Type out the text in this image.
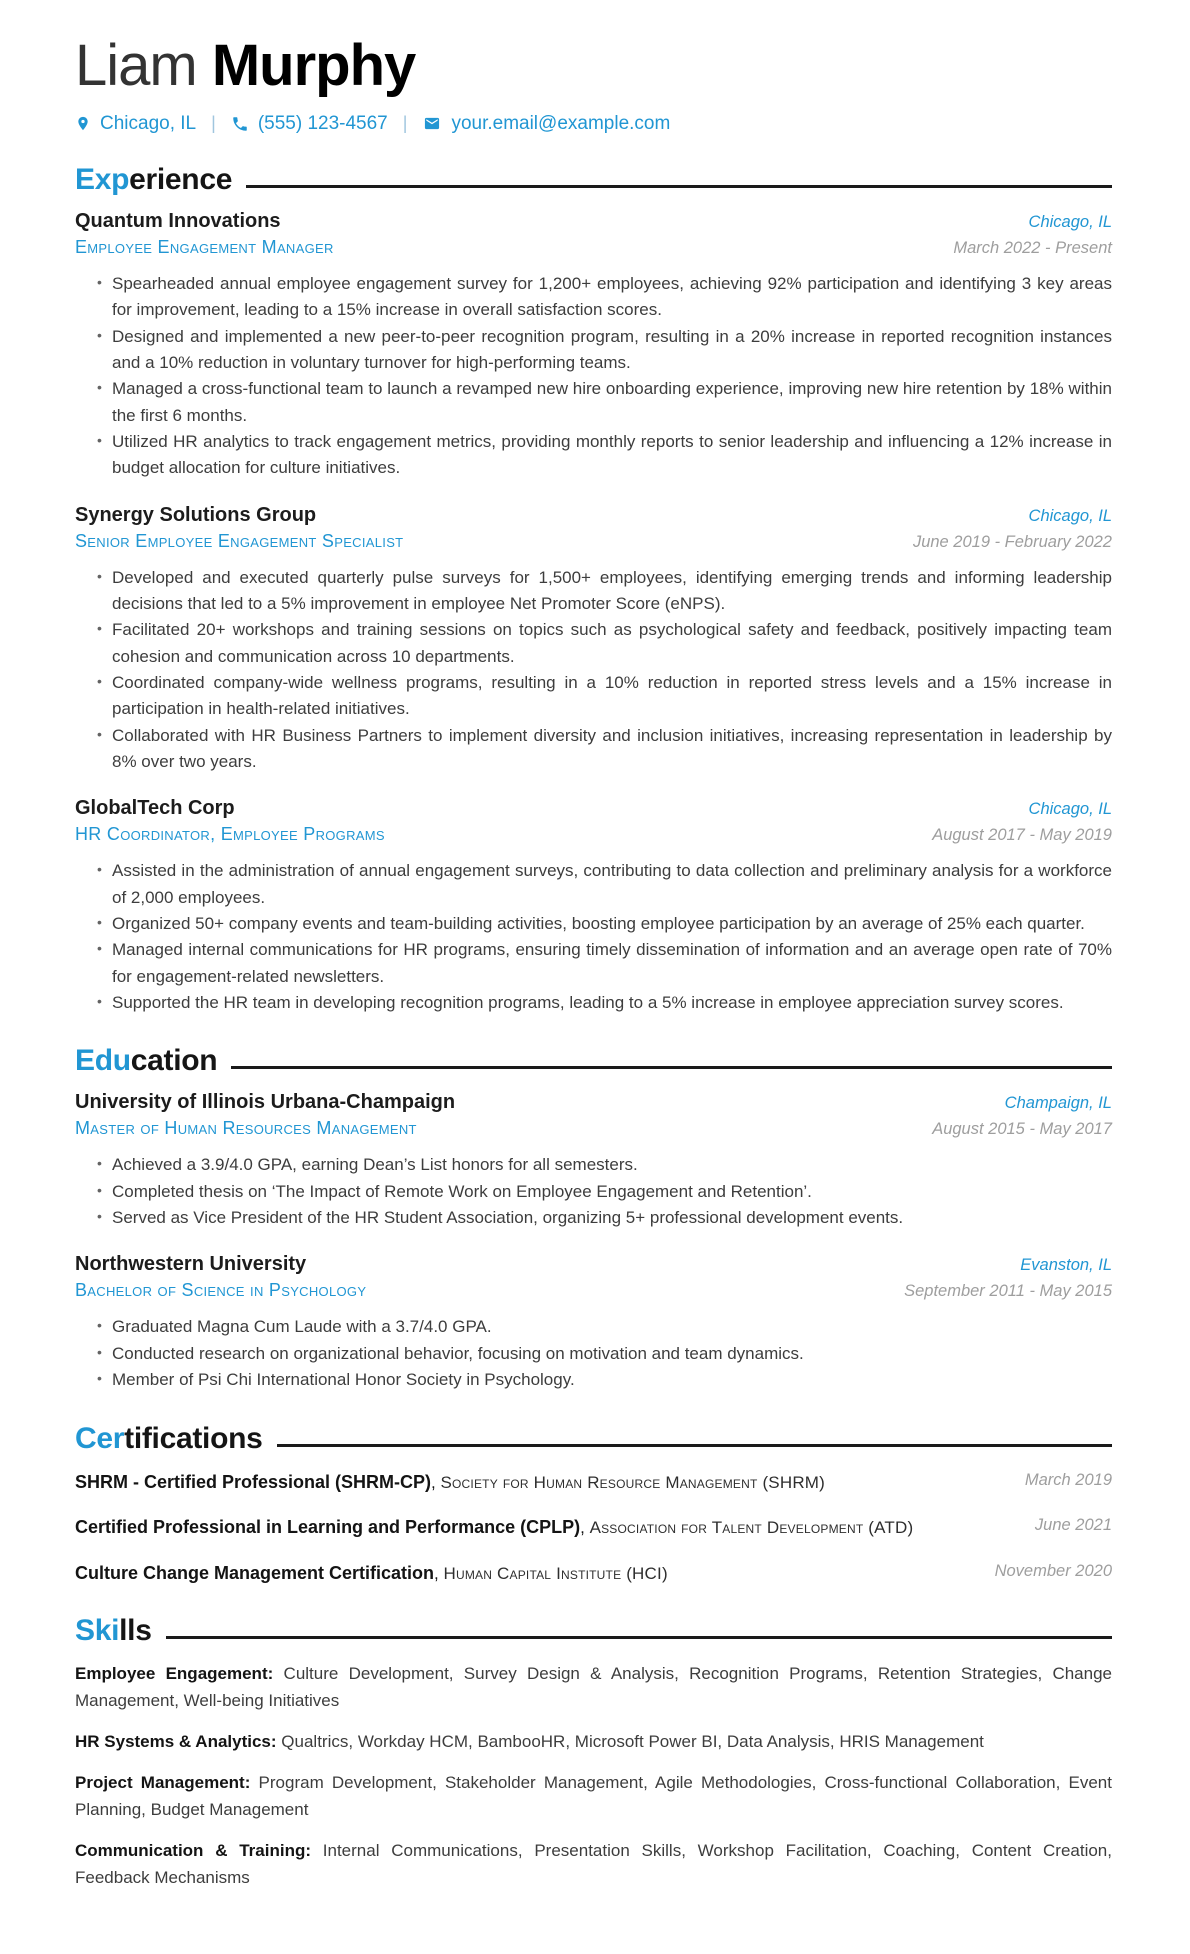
Liam Murphy
Chicago, IL | (555) 123-4567 | your.email@example.com
Exp erience
Quantum Innovations	Chicago, IL
Employee Engagement Manager	March 2022 - Present
• Spearheaded annual employee engagement survey for 1,200+ employees, achieving 92% participation and identifying 3 key areas for improvement, leading to a 15% increase in overall satisfaction scores.
• Designed and implemented a new peer-to-peer recognition program, resulting in a 20% increase in reported recognition instances and a 10% reduction in voluntary turnover for high-performing teams.
• Managed a cross-functional team to launch a revamped new hire onboarding experience, improving new hire retention by 18% within the first 6 months.
• Utilized HR analytics to track engagement metrics, providing monthly reports to senior leadership and influencing a 12% increase in budget allocation for culture initiatives.
Synergy Solutions Group	Chicago, IL
Senior Employee Engagement Specialist	June 2019 - February 2022
• Developed and executed quarterly pulse surveys for 1,500+ employees, identifying emerging trends and informing leadership decisions that led to a 5% improvement in employee Net Promoter Score (eNPS).
• Facilitated 20+ workshops and training sessions on topics such as psychological safety and feedback, positively impacting team cohesion and communication across 10 departments.
• Coordinated company-wide wellness programs, resulting in a 10% reduction in reported stress levels and a 15% increase in participation in health-related initiatives.
• Collaborated with HR Business Partners to implement diversity and inclusion initiatives, increasing representation in leadership by 8% over two years.
GlobalTech Corp	Chicago, IL
HR Coordinator, Employee Programs	August 2017 - May 2019
• Assisted in the administration of annual engagement surveys, contributing to data collection and preliminary analysis for a workforce of 2,000 employees.
• Organized 50+ company events and team-building activities, boosting employee participation by an average of 25% each quarter.
• Managed internal communications for HR programs, ensuring timely dissemination of information and an average open rate of 70% for engagement-related newsletters.
• Supported the HR team in developing recognition programs, leading to a 5% increase in employee appreciation survey scores.
Edu cation
University of Illinois Urbana-Champaign	Champaign, IL
Master of Human Resources Management	August 2015 - May 2017
• Achieved a 3.9/4.0 GPA, earning Dean’s List honors for all semesters.
• Completed thesis on ‘The Impact of Remote Work on Employee Engagement and Retention’.
• Served as Vice President of the HR Student Association, organizing 5+ professional development events.
Northwestern University	Evanston, IL
Bachelor of Science in Psychology	September 2011 - May 2015
• Graduated Magna Cum Laude with a 3.7/4.0 GPA.
• Conducted research on organizational behavior, focusing on motivation and team dynamics.
• Member of Psi Chi International Honor Society in Psychology.
Cer tifications

SHRM - Certified Professional (SHRM-CP), Society for Human Resource Management (SHRM)	March 2019

Certified Professional in Learning and Performance (CPLP), Association for Talent Development (ATD)	June 2021

Culture Change Management Certification, Human Capital Institute (HCI)	November 2020
Ski lls

Employee Engagement: Culture Development, Survey Design & Analysis, Recognition Programs, Retention Strategies, Change Management, Well-being Initiatives

HR Systems & Analytics: Qualtrics, Workday HCM, BambooHR, Microsoft Power BI, Data Analysis, HRIS Management

Project Management: Program Development, Stakeholder Management, Agile Methodologies, Cross-functional Collaboration, Event Planning, Budget Management

Communication & Training: Internal Communications, Presentation Skills, Workshop Facilitation, Coaching, Content Creation, Feedback Mechanisms
